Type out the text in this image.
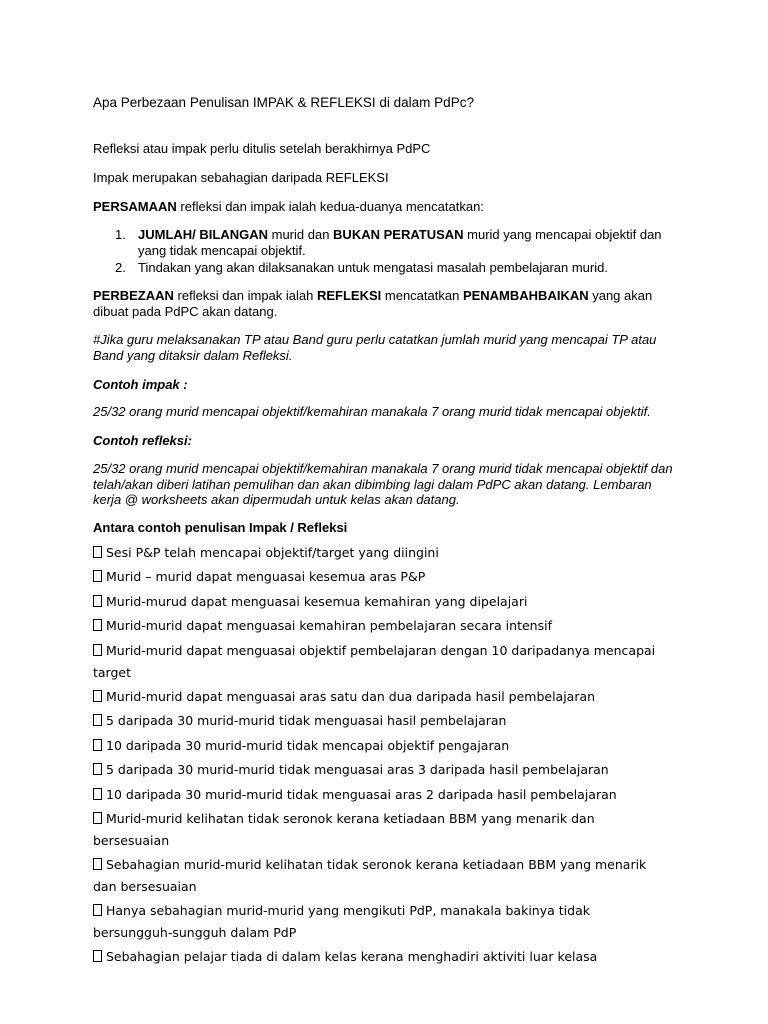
Apa Perbezaan Penulisan IMPAK & REFLEKSI di dalam PdPc?
Refleksi atau impak perlu ditulis setelah berakhirnya PdPC
Impak merupakan sebahagian daripada REFLEKSI
PERSAMAAN refleksi dan impak ialah kedua-duanya mencatatkan:
1. JUMLAH/ BILANGAN murid dan BUKAN PERATUSAN murid yang mencapai objektif dan yang tidak mencapai objektif.
2. Tindakan yang akan dilaksanakan untuk mengatasi masalah pembelajaran murid.
PERBEZAAN refleksi dan impak ialah REFLEKSI mencatatkan PENAMBAHBAIKAN yang akan dibuat pada PdPC akan datang.
#Jika guru melaksanakan TP atau Band guru perlu catatkan jumlah murid yang mencapai TP atau Band yang ditaksir dalam Refleksi.
Contoh impak :
25/32 orang murid mencapai objektif/kemahiran manakala 7 orang murid tidak mencapai objektif.
Contoh refleksi:
25/32 orang murid mencapai objektif/kemahiran manakala 7 orang murid tidak mencapai objektif dan telah/akan diberi latihan pemulihan dan akan dibimbing lagi dalam PdPC akan datang. Lembaran kerja @ worksheets akan dipermudah untuk kelas akan datang.
Antara contoh penulisan Impak / Refleksi
Sesi P&P telah mencapai objektif/target yang diingini
Murid – murid dapat menguasai kesemua aras P&P
Murid-murud dapat menguasai kesemua kemahiran yang dipelajari
Murid-murid dapat menguasai kemahiran pembelajaran secara intensif
Murid-murid dapat menguasai objektif pembelajaran dengan 10 daripadanya mencapai target
Murid-murid dapat menguasai aras satu dan dua daripada hasil pembelajaran
5 daripada 30 murid-murid tidak menguasai hasil pembelajaran
10 daripada 30 murid-murid tidak mencapai objektif pengajaran
5 daripada 30 murid-murid tidak menguasai aras 3 daripada hasil pembelajaran
10 daripada 30 murid-murid tidak menguasai aras 2 daripada hasil pembelajaran
Murid-murid kelihatan tidak seronok kerana ketiadaan BBM yang menarik dan bersesuaian
Sebahagian murid-murid kelihatan tidak seronok kerana ketiadaan BBM yang menarik dan bersesuaian
Hanya sebahagian murid-murid yang mengikuti PdP, manakala bakinya tidak bersungguh-sungguh dalam PdP
Sebahagian pelajar tiada di dalam kelas kerana menghadiri aktiviti luar kelasa
